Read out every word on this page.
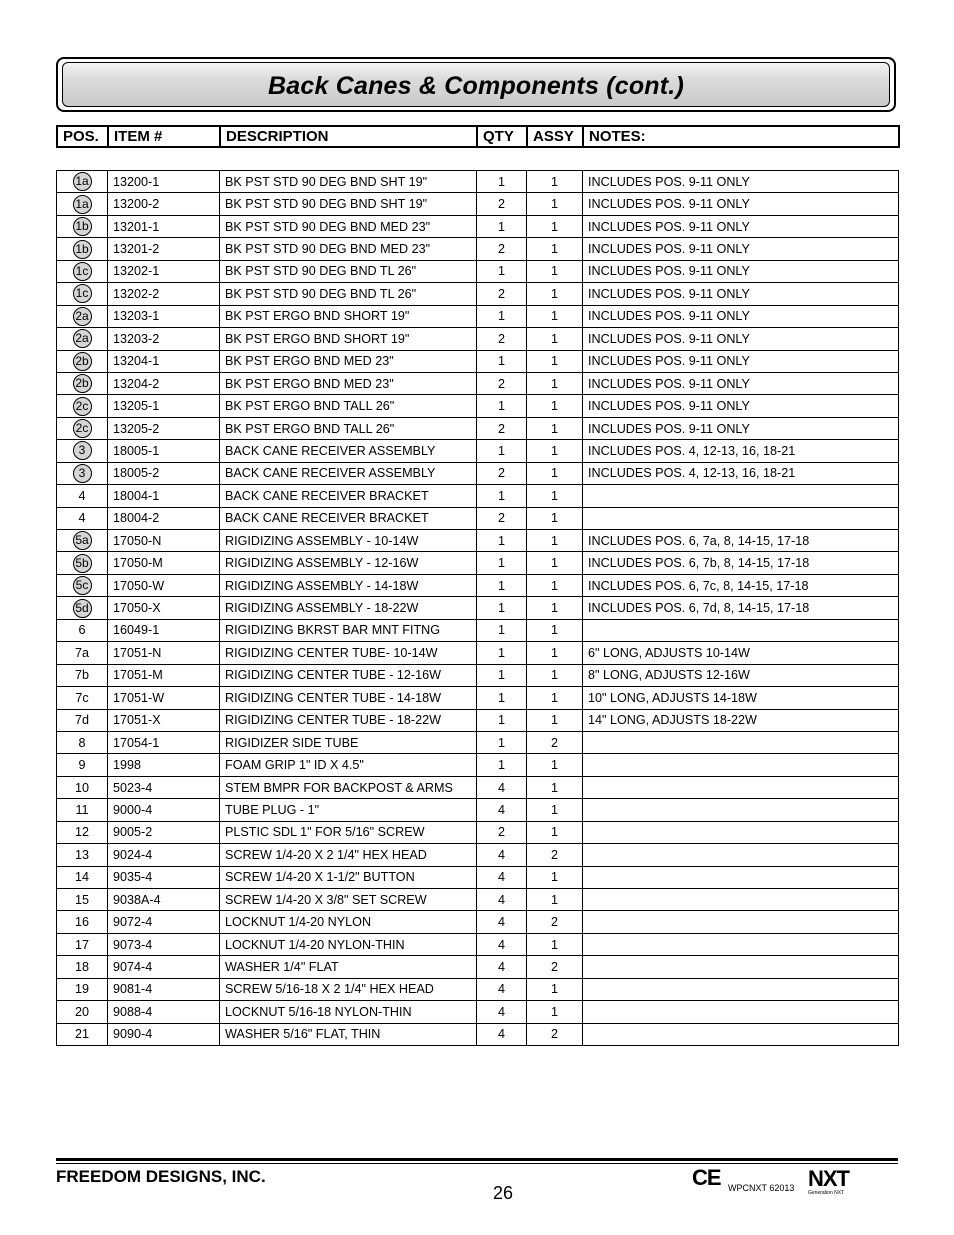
Back Canes & Components (cont.)
POS.	ITEM #	DESCRIPTION	QTY	ASSY	NOTES:
1a	13200-1	BK PST STD 90 DEG BND SHT 19"	1	1	INCLUDES POS. 9-11 ONLY
1a	13200-2	BK PST STD 90 DEG BND SHT 19"	2	1	INCLUDES POS. 9-11 ONLY
1b	13201-1	BK PST STD 90 DEG BND MED 23"	1	1	INCLUDES POS. 9-11 ONLY
1b	13201-2	BK PST STD 90 DEG BND MED 23"	2	1	INCLUDES POS. 9-11 ONLY
1c	13202-1	BK PST STD 90 DEG BND TL 26"	1	1	INCLUDES POS. 9-11 ONLY
1c	13202-2	BK PST STD 90 DEG BND TL 26"	2	1	INCLUDES POS. 9-11 ONLY
2a	13203-1	BK PST ERGO BND SHORT 19"	1	1	INCLUDES POS. 9-11 ONLY
2a	13203-2	BK PST ERGO BND SHORT 19"	2	1	INCLUDES POS. 9-11 ONLY
2b	13204-1	BK PST ERGO BND MED 23"	1	1	INCLUDES POS. 9-11 ONLY
2b	13204-2	BK PST ERGO BND MED 23"	2	1	INCLUDES POS. 9-11 ONLY
2c	13205-1	BK PST ERGO BND TALL 26"	1	1	INCLUDES POS. 9-11 ONLY
2c	13205-2	BK PST ERGO BND TALL 26"	2	1	INCLUDES POS. 9-11 ONLY
3	18005-1	BACK CANE RECEIVER ASSEMBLY	1	1	INCLUDES POS. 4, 12-13, 16, 18-21
3	18005-2	BACK CANE RECEIVER ASSEMBLY	2	1	INCLUDES POS. 4, 12-13, 16, 18-21
4	18004-1	BACK CANE RECEIVER BRACKET	1	1	
4	18004-2	BACK CANE RECEIVER BRACKET	2	1	
5a	17050-N	RIGIDIZING ASSEMBLY - 10-14W	1	1	INCLUDES POS. 6, 7a, 8, 14-15, 17-18
5b	17050-M	RIGIDIZING ASSEMBLY - 12-16W	1	1	INCLUDES POS. 6, 7b, 8, 14-15, 17-18
5c	17050-W	RIGIDIZING ASSEMBLY - 14-18W	1	1	INCLUDES POS. 6, 7c, 8, 14-15, 17-18
5d	17050-X	RIGIDIZING ASSEMBLY - 18-22W	1	1	INCLUDES POS. 6, 7d, 8, 14-15, 17-18
6	16049-1	RIGIDIZING BKRST BAR MNT FITNG	1	1	
7a	17051-N	RIGIDIZING CENTER TUBE- 10-14W	1	1	6" LONG, ADJUSTS 10-14W
7b	17051-M	RIGIDIZING CENTER TUBE - 12-16W	1	1	8" LONG, ADJUSTS 12-16W
7c	17051-W	RIGIDIZING CENTER TUBE - 14-18W	1	1	10" LONG, ADJUSTS 14-18W
7d	17051-X	RIGIDIZING CENTER TUBE - 18-22W	1	1	14" LONG, ADJUSTS 18-22W
8	17054-1	RIGIDIZER SIDE TUBE	1	2	
9	1998	FOAM GRIP 1" ID X 4.5"	1	1	
10	5023-4	STEM BMPR FOR BACKPOST & ARMS	4	1	
11	9000-4	TUBE PLUG - 1"	4	1	
12	9005-2	PLSTIC SDL 1" FOR 5/16" SCREW	2	1	
13	9024-4	SCREW 1/4-20 X 2 1/4" HEX HEAD	4	2	
14	9035-4	SCREW 1/4-20 X 1-1/2" BUTTON	4	1	
15	9038A-4	SCREW 1/4-20 X 3/8" SET SCREW	4	1	
16	9072-4	LOCKNUT 1/4-20 NYLON	4	2	
17	9073-4	LOCKNUT 1/4-20 NYLON-THIN	4	1	
18	9074-4	WASHER 1/4" FLAT	4	2	
19	9081-4	SCREW 5/16-18 X 2 1/4" HEX HEAD	4	1	
20	9088-4	LOCKNUT 5/16-18 NYLON-THIN	4	1	
21	9090-4	WASHER 5/16" FLAT, THIN	4	2	
FREEDOM DESIGNS, INC.
26
CE WPCNXT 62013 NXT
Generation NXT
